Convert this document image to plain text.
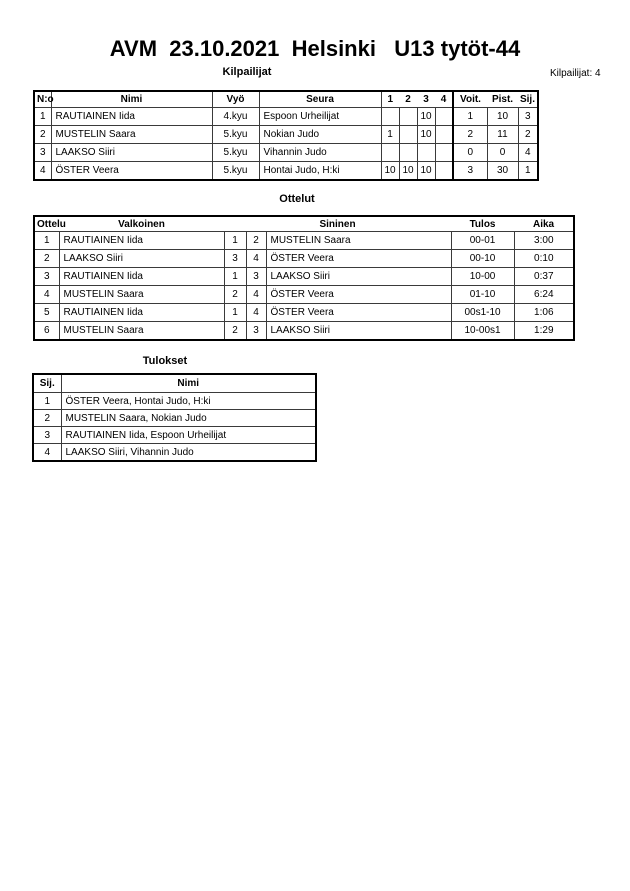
AVM  23.10.2021  Helsinki   U13 tytöt-44
Kilpailijat	Kilpailijat: 4
N:o	Nimi	Vyö	Seura	1	2	3	4	Voit.	Pist.	Sij.
1	RAUTIAINEN Iida	4.kyu	Espoon Urheilijat			10		1	10	3
2	MUSTELIN Saara	5.kyu	Nokian Judo	1		10		2	11	2
3	LAAKSO Siiri	5.kyu	Vihannin Judo					0	0	4
4	ÖSTER Veera	5.kyu	Hontai Judo, H:ki	10	10	10		3	30	1
Ottelut
Ottelu	Valkoinen	Sininen			Tulos	Aika
1	RAUTIAINEN Iida	1	2	MUSTELIN Saara	00-01	3:00
2	LAAKSO Siiri	3	4	ÖSTER Veera	00-10	0:10
3	RAUTIAINEN Iida	1	3	LAAKSO Siiri	10-00	0:37
4	MUSTELIN Saara	2	4	ÖSTER Veera	01-10	6:24
5	RAUTIAINEN Iida	1	4	ÖSTER Veera	00s1-10	1:06
6	MUSTELIN Saara	2	3	LAAKSO Siiri	10-00s1	1:29
Tulokset
Sij.	Nimi
1	ÖSTER Veera, Hontai Judo, H:ki
2	MUSTELIN Saara, Nokian Judo
3	RAUTIAINEN Iida, Espoon Urheilijat
4	LAAKSO Siiri, Vihannin Judo
